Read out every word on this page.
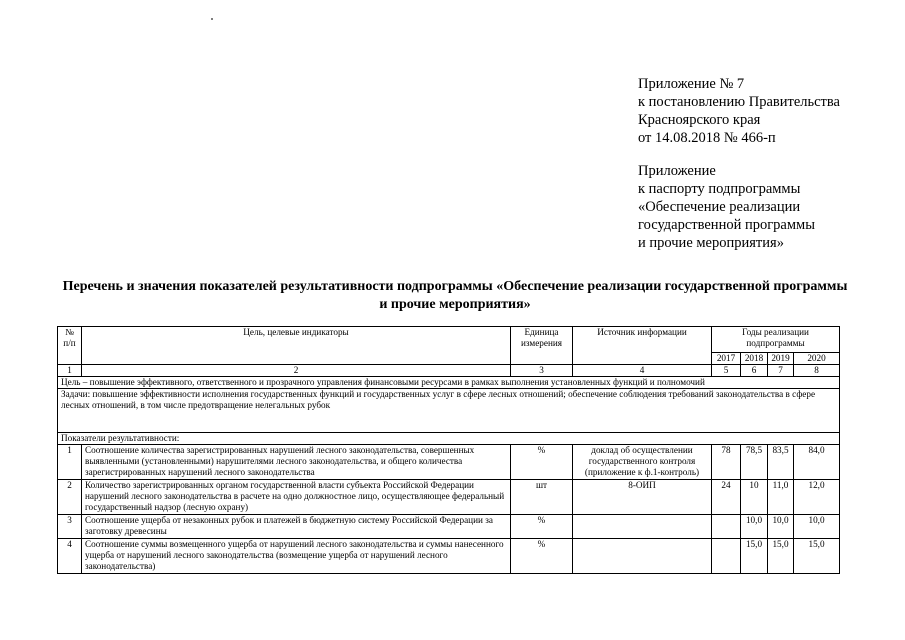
Приложение № 7
к постановлению Правительства
Красноярского края
от 14.08.2018 № 466-п
Приложение
к паспорту подпрограммы
«Обеспечение реализации
государственной программы
и прочие мероприятия»
Перечень и значения показателей результативности подпрограммы «Обеспечение реализации государственной программы и прочие мероприятия»
№ п/п	Цель, целевые индикаторы	Единица измерения	Источник информации	Годы реализации подпрограммы			
				2017	2018	2019	2020
1	2	3	4	5	6	7	8
Цель – повышение эффективного, ответственного и прозрачного управления финансовыми ресурсами в рамках выполнения установленных функций и полномочий							
Задачи: повышение эффективности исполнения государственных функций и государственных услуг в сфере лесных отношений; обеспечение соблюдения требований законодательства в сфере лесных отношений, в том числе предотвращение нелегальных рубок							
Показатели результативности:							
1	Соотношение количества зарегистрированных нарушений лесного законодательства, совершенных выявленными (установленными) нарушителями лесного законодательства, и общего количества зарегистрированных нарушений лесного законодательства	%	доклад об осуществлении государственного контроля (приложение к ф.1-контроль)	78	78,5	83,5	84,0
2	Количество зарегистрированных органом государственной власти субъекта Российской Федерации нарушений лесного законодательства в расчете на одно должностное лицо, осуществляющее федеральный государственный надзор (лесную охрану)	шт	8-ОИП	24	10	11,0	12,0
3	Соотношение ущерба от незаконных рубок и платежей в бюджетную систему Российской Федерации за заготовку древесины	%			10,0	10,0	10,0
4	Соотношение суммы возмещенного ущерба от нарушений лесного законодательства и суммы нанесенного ущерба от нарушений лесного законодательства (возмещение ущерба от нарушений лесного законодательства)	%			15,0	15,0	15,0
